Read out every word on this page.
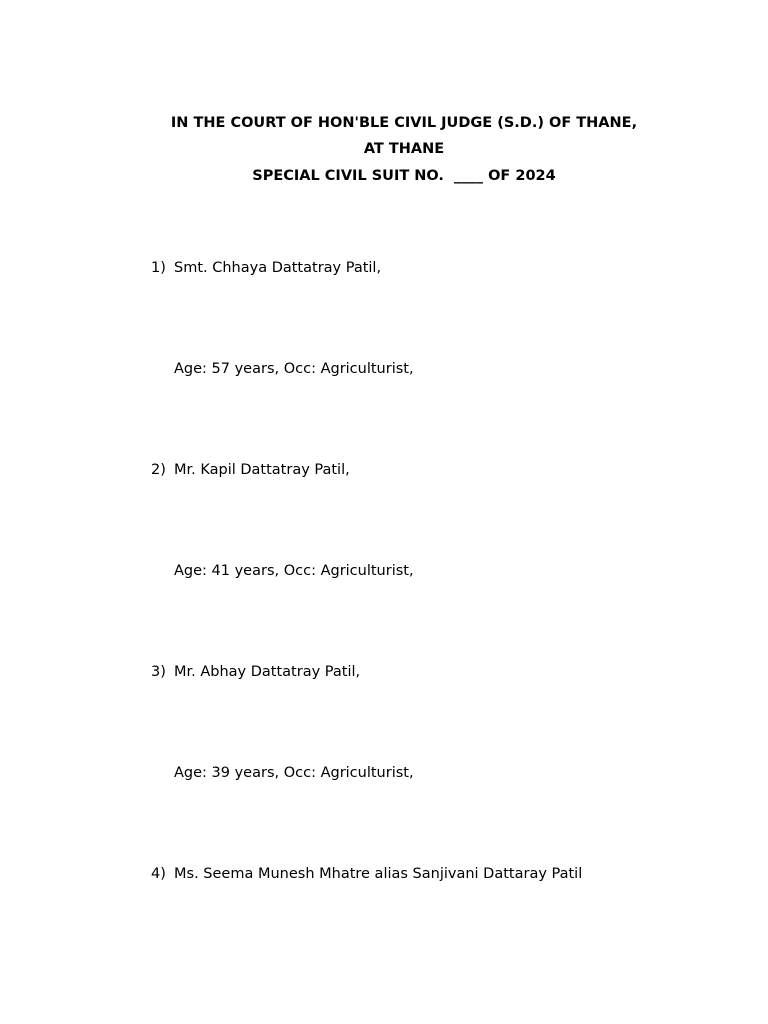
IN THE COURT OF HON'BLE CIVIL JUDGE (S.D.) OF THANE,
AT THANE
SPECIAL CIVIL SUIT NO.  ____ OF 2024
1) Smt. Chhaya Dattatray Patil,
Age: 57 years, Occ: Agriculturist,
2) Mr. Kapil Dattatray Patil,
Age: 41 years, Occ: Agriculturist,
3) Mr. Abhay Dattatray Patil,
Age: 39 years, Occ: Agriculturist,
4) Ms. Seema Munesh Mhatre alias Sanjivani Dattaray Patil
